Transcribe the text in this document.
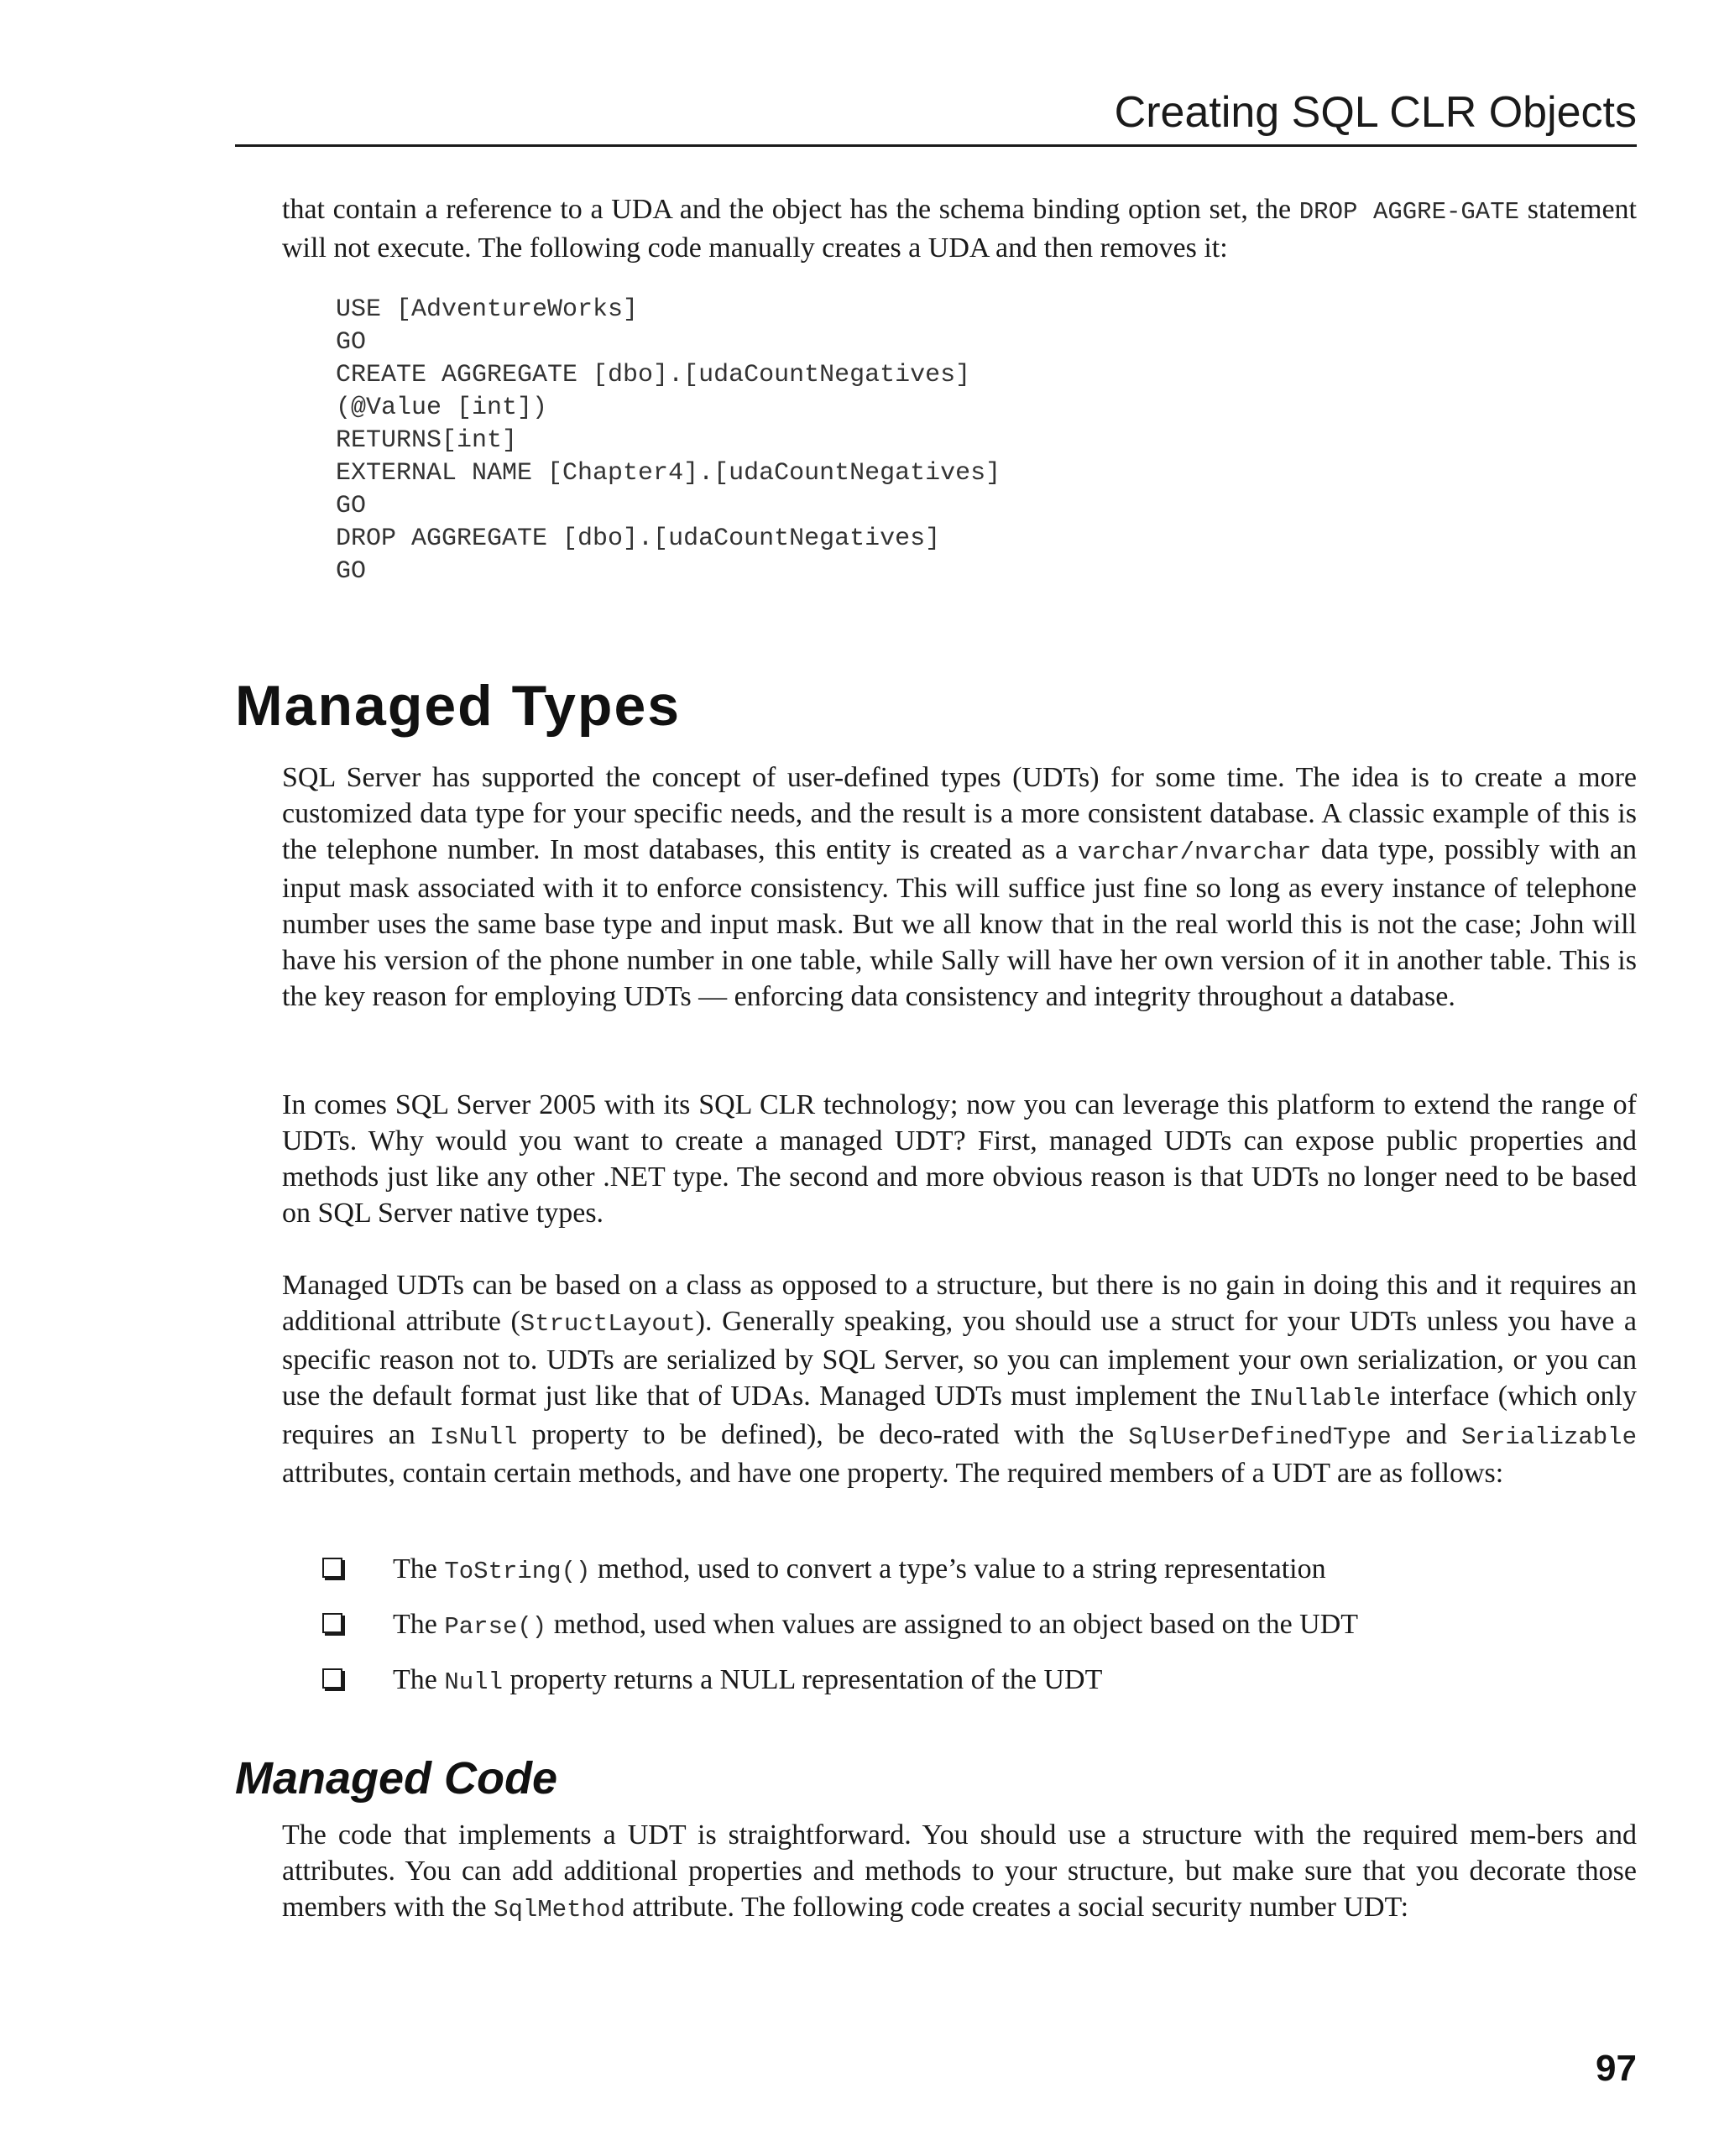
Creating SQL CLR Objects

that contain a reference to a UDA and the object has the schema binding option set, the DROP AGGRE-GATE statement will not execute. The following code manually creates a UDA and then removes it:

USE [AdventureWorks]
GO
CREATE AGGREGATE [dbo].[udaCountNegatives]
(@Value [int])
RETURNS[int]
EXTERNAL NAME [Chapter4].[udaCountNegatives]
GO
DROP AGGREGATE [dbo].[udaCountNegatives]
GO
Managed Types

SQL Server has supported the concept of user-defined types (UDTs) for some time. The idea is to create a more customized data type for your specific needs, and the result is a more consistent database. A classic example of this is the telephone number. In most databases, this entity is created as a varchar/nvarchar data type, possibly with an input mask associated with it to enforce consistency. This will suffice just fine so long as every instance of telephone number uses the same base type and input mask. But we all know that in the real world this is not the case; John will have his version of the phone number in one table, while Sally will have her own version of it in another table. This is the key reason for employing UDTs — enforcing data consistency and integrity throughout a database.

In comes SQL Server 2005 with its SQL CLR technology; now you can leverage this platform to extend the range of UDTs. Why would you want to create a managed UDT? First, managed UDTs can expose public properties and methods just like any other .NET type. The second and more obvious reason is that UDTs no longer need to be based on SQL Server native types.

Managed UDTs can be based on a class as opposed to a structure, but there is no gain in doing this and it requires an additional attribute (StructLayout). Generally speaking, you should use a struct for your UDTs unless you have a specific reason not to. UDTs are serialized by SQL Server, so you can implement your own serialization, or you can use the default format just like that of UDAs. Managed UDTs must implement the INullable interface (which only requires an IsNull property to be defined), be deco-rated with the SqlUserDefinedType and Serializable attributes, contain certain methods, and have one property. The required members of a UDT are as follows:

The ToString() method, used to convert a type’s value to a string representation
The Parse() method, used when values are assigned to an object based on the UDT
The Null property returns a NULL representation of the UDT
Managed Code

The code that implements a UDT is straightforward. You should use a structure with the required mem-bers and attributes. You can add additional properties and methods to your structure, but make sure that you decorate those members with the SqlMethod attribute. The following code creates a social security number UDT:

97
